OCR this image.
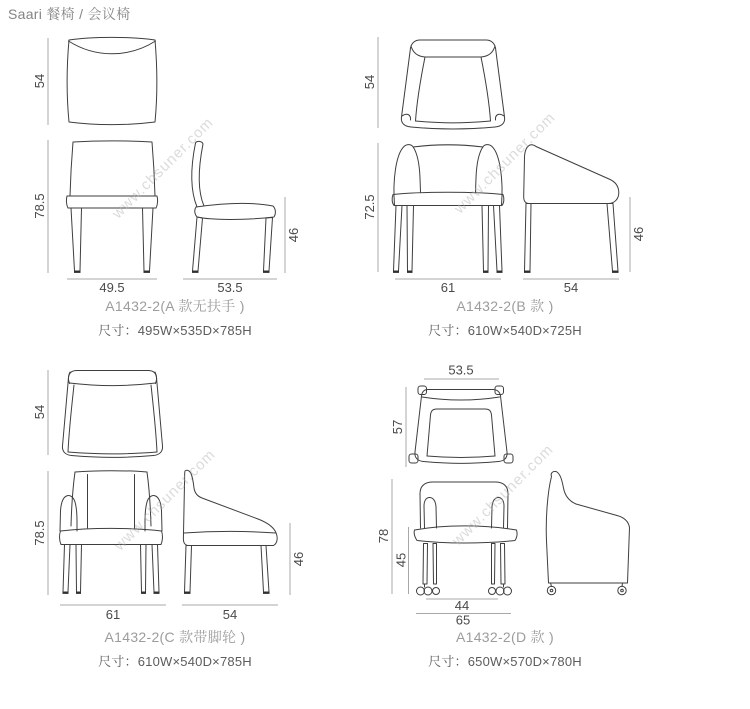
Saari 餐椅 / 会议椅
54
78.5
49.5	53.5
46
54
72.5
61	54
46
54
78.5
61	54
46
53.5
57
78
45
44
65
A1432-2(A 款无扶手 )
尺寸：495W×535D×785H
A1432-2(B 款 )
尺寸：610W×540D×725H
A1432-2(C 款带脚轮 )
尺寸：610W×540D×785H
A1432-2(D 款 )
尺寸：650W×570D×780H
www.chsuner.com	www.chsuner.com
www.chsuner.com	www.chsuner.com
